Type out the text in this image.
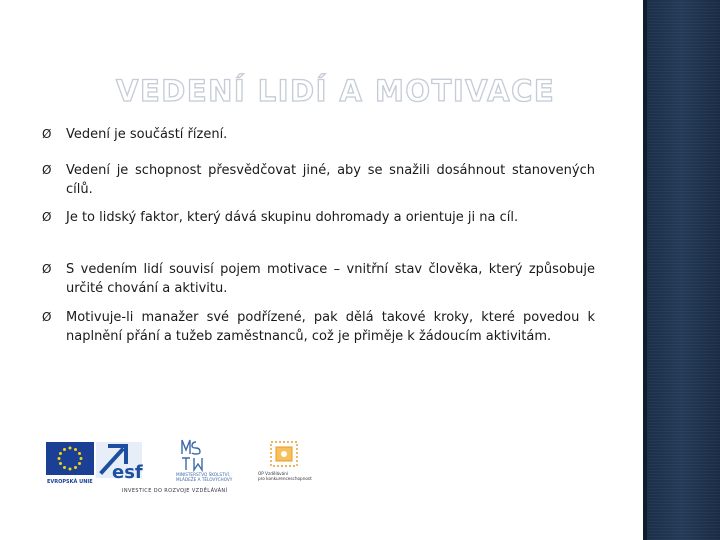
VEDENÍ LIDÍ A MOTIVACE
Ø Vedení je součástí řízení.
Ø Vedení je schopnost přesvědčovat jiné, aby se snažili dosáhnout stanovených cílů.
Ø Je to lidský faktor, který dává skupinu dohromady a orientuje ji na cíl.
Ø S vedením lidí souvisí pojem motivace – vnitřní stav člověka, který způsobuje určité chování a aktivitu.
Ø Motivuje-li manažer své podřízené, pak dělá takové kroky, které povedou k naplnění přání a tužeb zaměstnanců, což je přiměje k žádoucím aktivitám.
EVROPSKÁ UNIE esf	MINISTERSTVO ŠKOLSTVÍ,
MLÁDEŽE A TĚLOVÝCHOVY
OP Vzdělávání
pro konkurenceschopnost
INVESTICE DO ROZVOJE VZDĚLÁVÁNÍ
